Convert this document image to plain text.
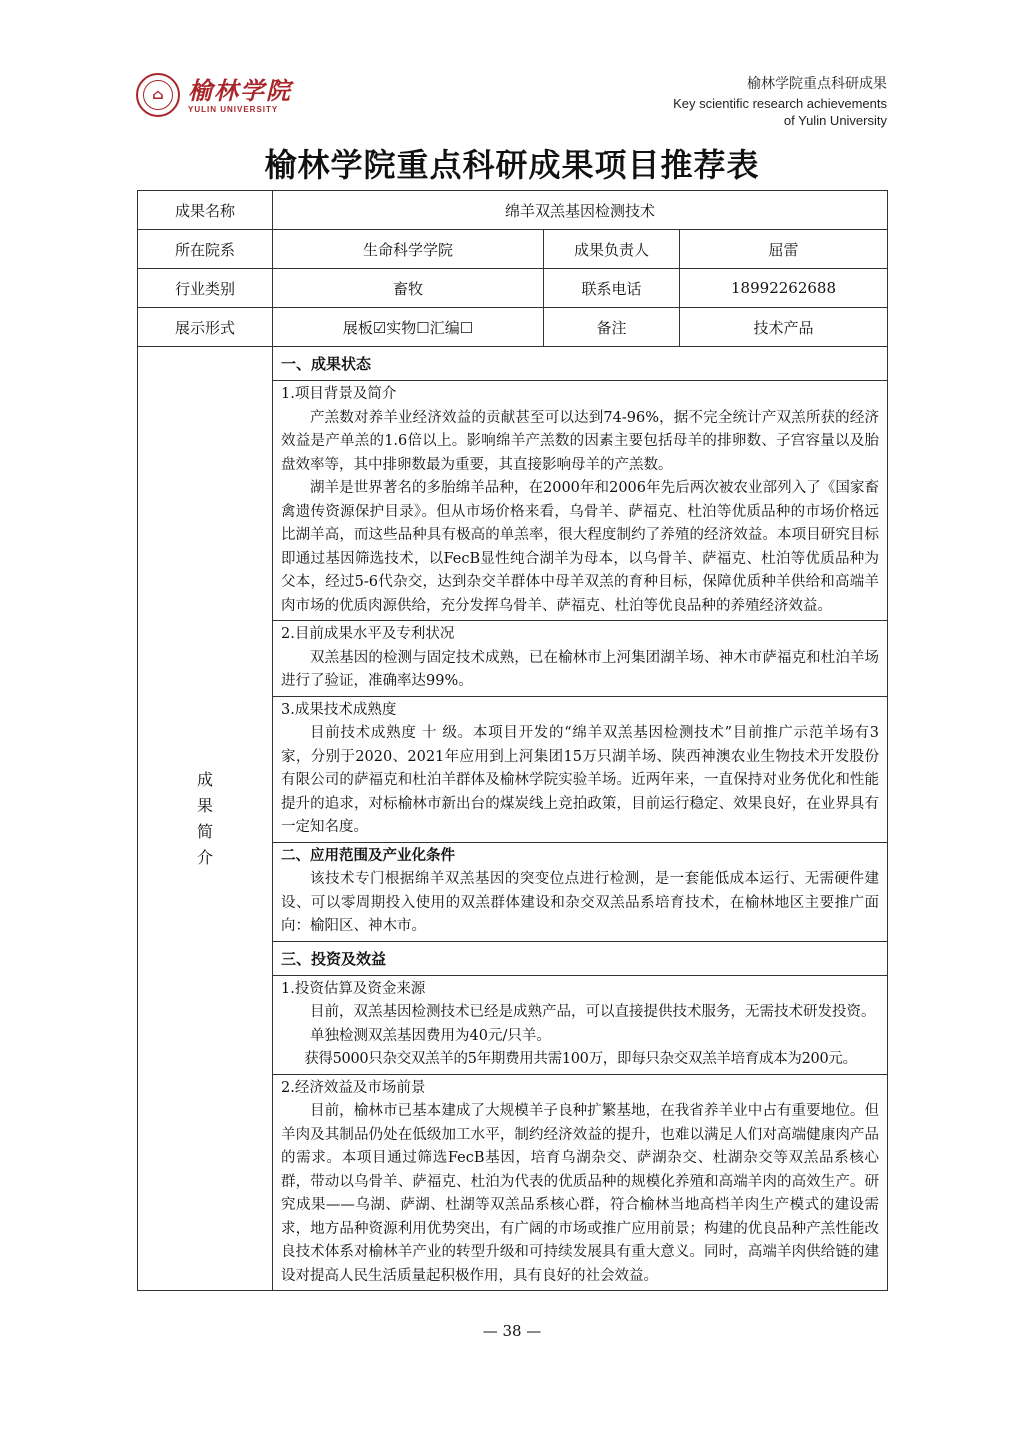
⌂	榆林学院
YULIN UNIVERSITY
榆林学院重点科研成果
Key scientific research achievements
of Yulin University
榆林学院重点科研成果项目推荐表
成果名称	绵羊双羔基因检测技术		
所在院系	生命科学学院	成果负责人	屈雷
行业类别	畜牧	联系电话	18992262688
展示形式	展板☑实物☐汇编☐	备注	技术产品

成
果
简
介	一、成果状态		

	1.项目背景及简介
产羔数对养羊业经济效益的贡献甚至可以达到74-96%，据不完全统计产双羔所获的经济效益是产单羔的1.6倍以上。影响绵羊产羔数的因素主要包括母羊的排卵数、子宫容量以及胎盘效率等，其中排卵数最为重要，其直接影响母羊的产羔数。
湖羊是世界著名的多胎绵羊品种，在2000年和2006年先后两次被农业部列入了《国家畜禽遗传资源保护目录》。但从市场价格来看，乌骨羊、萨福克、杜泊等优质品种的市场价格远比湖羊高，而这些品种具有极高的单羔率，很大程度制约了养殖的经济效益。本项目研究目标即通过基因筛选技术，以FecB显性纯合湖羊为母本，以乌骨羊、萨福克、杜泊等优质品种为父本，经过5-6代杂交，达到杂交羊群体中母羊双羔的育种目标，保障优质种羊供给和高端羊肉市场的优质肉源供给，充分发挥乌骨羊、萨福克、杜泊等优良品种的养殖经济效益。		

	2.目前成果水平及专利状况
双羔基因的检测与固定技术成熟，已在榆林市上河集团湖羊场、神木市萨福克和杜泊羊场进行了验证，准确率达99%。		

	3.成果技术成熟度
目前技术成熟度 十 级。本项目开发的“绵羊双羔基因检测技术”目前推广示范羊场有3家，分别于2020、2021年应用到上河集团15万只湖羊场、陕西神澳农业生物技术开发股份有限公司的萨福克和杜泊羊群体及榆林学院实验羊场。近两年来，一直保持对业务优化和性能提升的追求，对标榆林市新出台的煤炭线上竞拍政策，目前运行稳定、效果良好，在业界具有一定知名度。		

	二、应用范围及产业化条件
该技术专门根据绵羊双羔基因的突变位点进行检测，是一套能低成本运行、无需硬件建设、可以零周期投入使用的双羔群体建设和杂交双羔品系培育技术，在榆林地区主要推广面向：榆阳区、神木市。		

	三、投资及效益		

	1.投资估算及资金来源
目前，双羔基因检测技术已经是成熟产品，可以直接提供技术服务，无需技术研发投资。
单独检测双羔基因费用为40元/只羊。
获得5000只杂交双羔羊的5年期费用共需100万，即每只杂交双羔羊培育成本为200元。		

	2.经济效益及市场前景
目前，榆林市已基本建成了大规模羊子良种扩繁基地，在我省养羊业中占有重要地位。但羊肉及其制品仍处在低级加工水平，制约经济效益的提升，也难以满足人们对高端健康肉产品的需求。本项目通过筛选FecB基因，培育乌湖杂交、萨湖杂交、杜湖杂交等双羔品系核心群，带动以乌骨羊、萨福克、杜泊为代表的优质品种的规模化养殖和高端羊肉的高效生产。研究成果——乌湖、萨湖、杜湖等双羔品系核心群，符合榆林当地高档羊肉生产模式的建设需求，地方品种资源利用优势突出，有广阔的市场或推广应用前景；构建的优良品种产羔性能改良技术体系对榆林羊产业的转型升级和可持续发展具有重大意义。同时，高端羊肉供给链的建设对提高人民生活质量起积极作用，具有良好的社会效益。		
— 38 —
